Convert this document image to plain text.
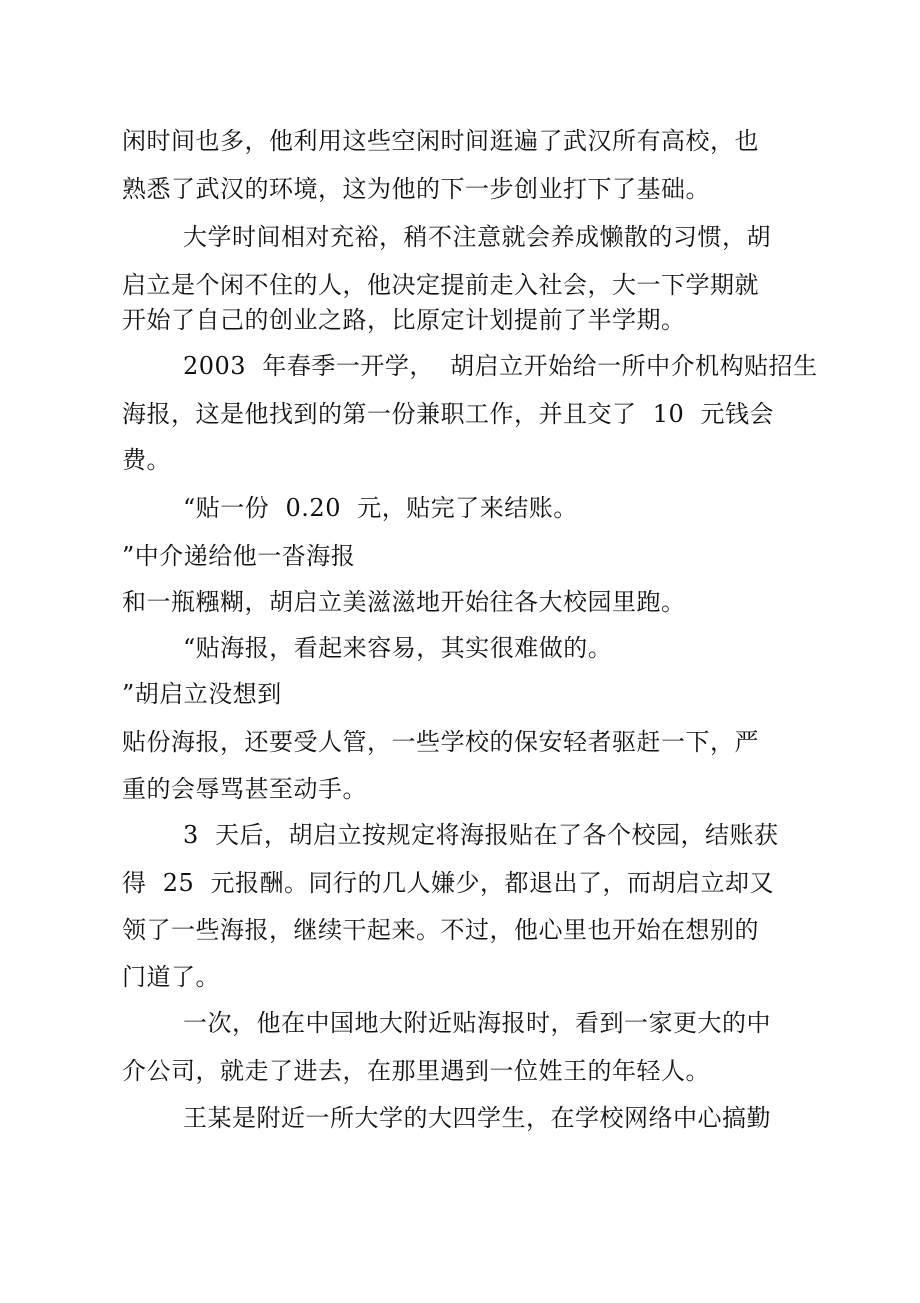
闲时间也多，他利用这些空闲时间逛遍了武汉所有高校，也
熟悉了武汉的环境，这为他的下一步创业打下了基础。
大学时间相对充裕，稍不注意就会养成懒散的习惯，胡
启立是个闲不住的人，他决定提前走入社会，大一下学期就
开始了自己的创业之路，比原定计划提前了半学期。
2003  年春季一开学，  胡启立开始给一所中介机构贴招生
海报，这是他找到的第一份兼职工作，并且交了  10  元钱会
费。
“贴一份  0.20  元，贴完了来结账。
”中介递给他一沓海报
和一瓶糨糊，胡启立美滋滋地开始往各大校园里跑。
“贴海报，看起来容易，其实很难做的。
”胡启立没想到
贴份海报，还要受人管，一些学校的保安轻者驱赶一下，严
重的会辱骂甚至动手。
3  天后，胡启立按规定将海报贴在了各个校园，结账获
得  25  元报酬。同行的几人嫌少，都退出了，而胡启立却又
领了一些海报，继续干起来。不过，他心里也开始在想别的
门道了。
一次，他在中国地大附近贴海报时，看到一家更大的中
介公司，就走了进去，在那里遇到一位姓王的年轻人。
王某是附近一所大学的大四学生，在学校网络中心搞勤
